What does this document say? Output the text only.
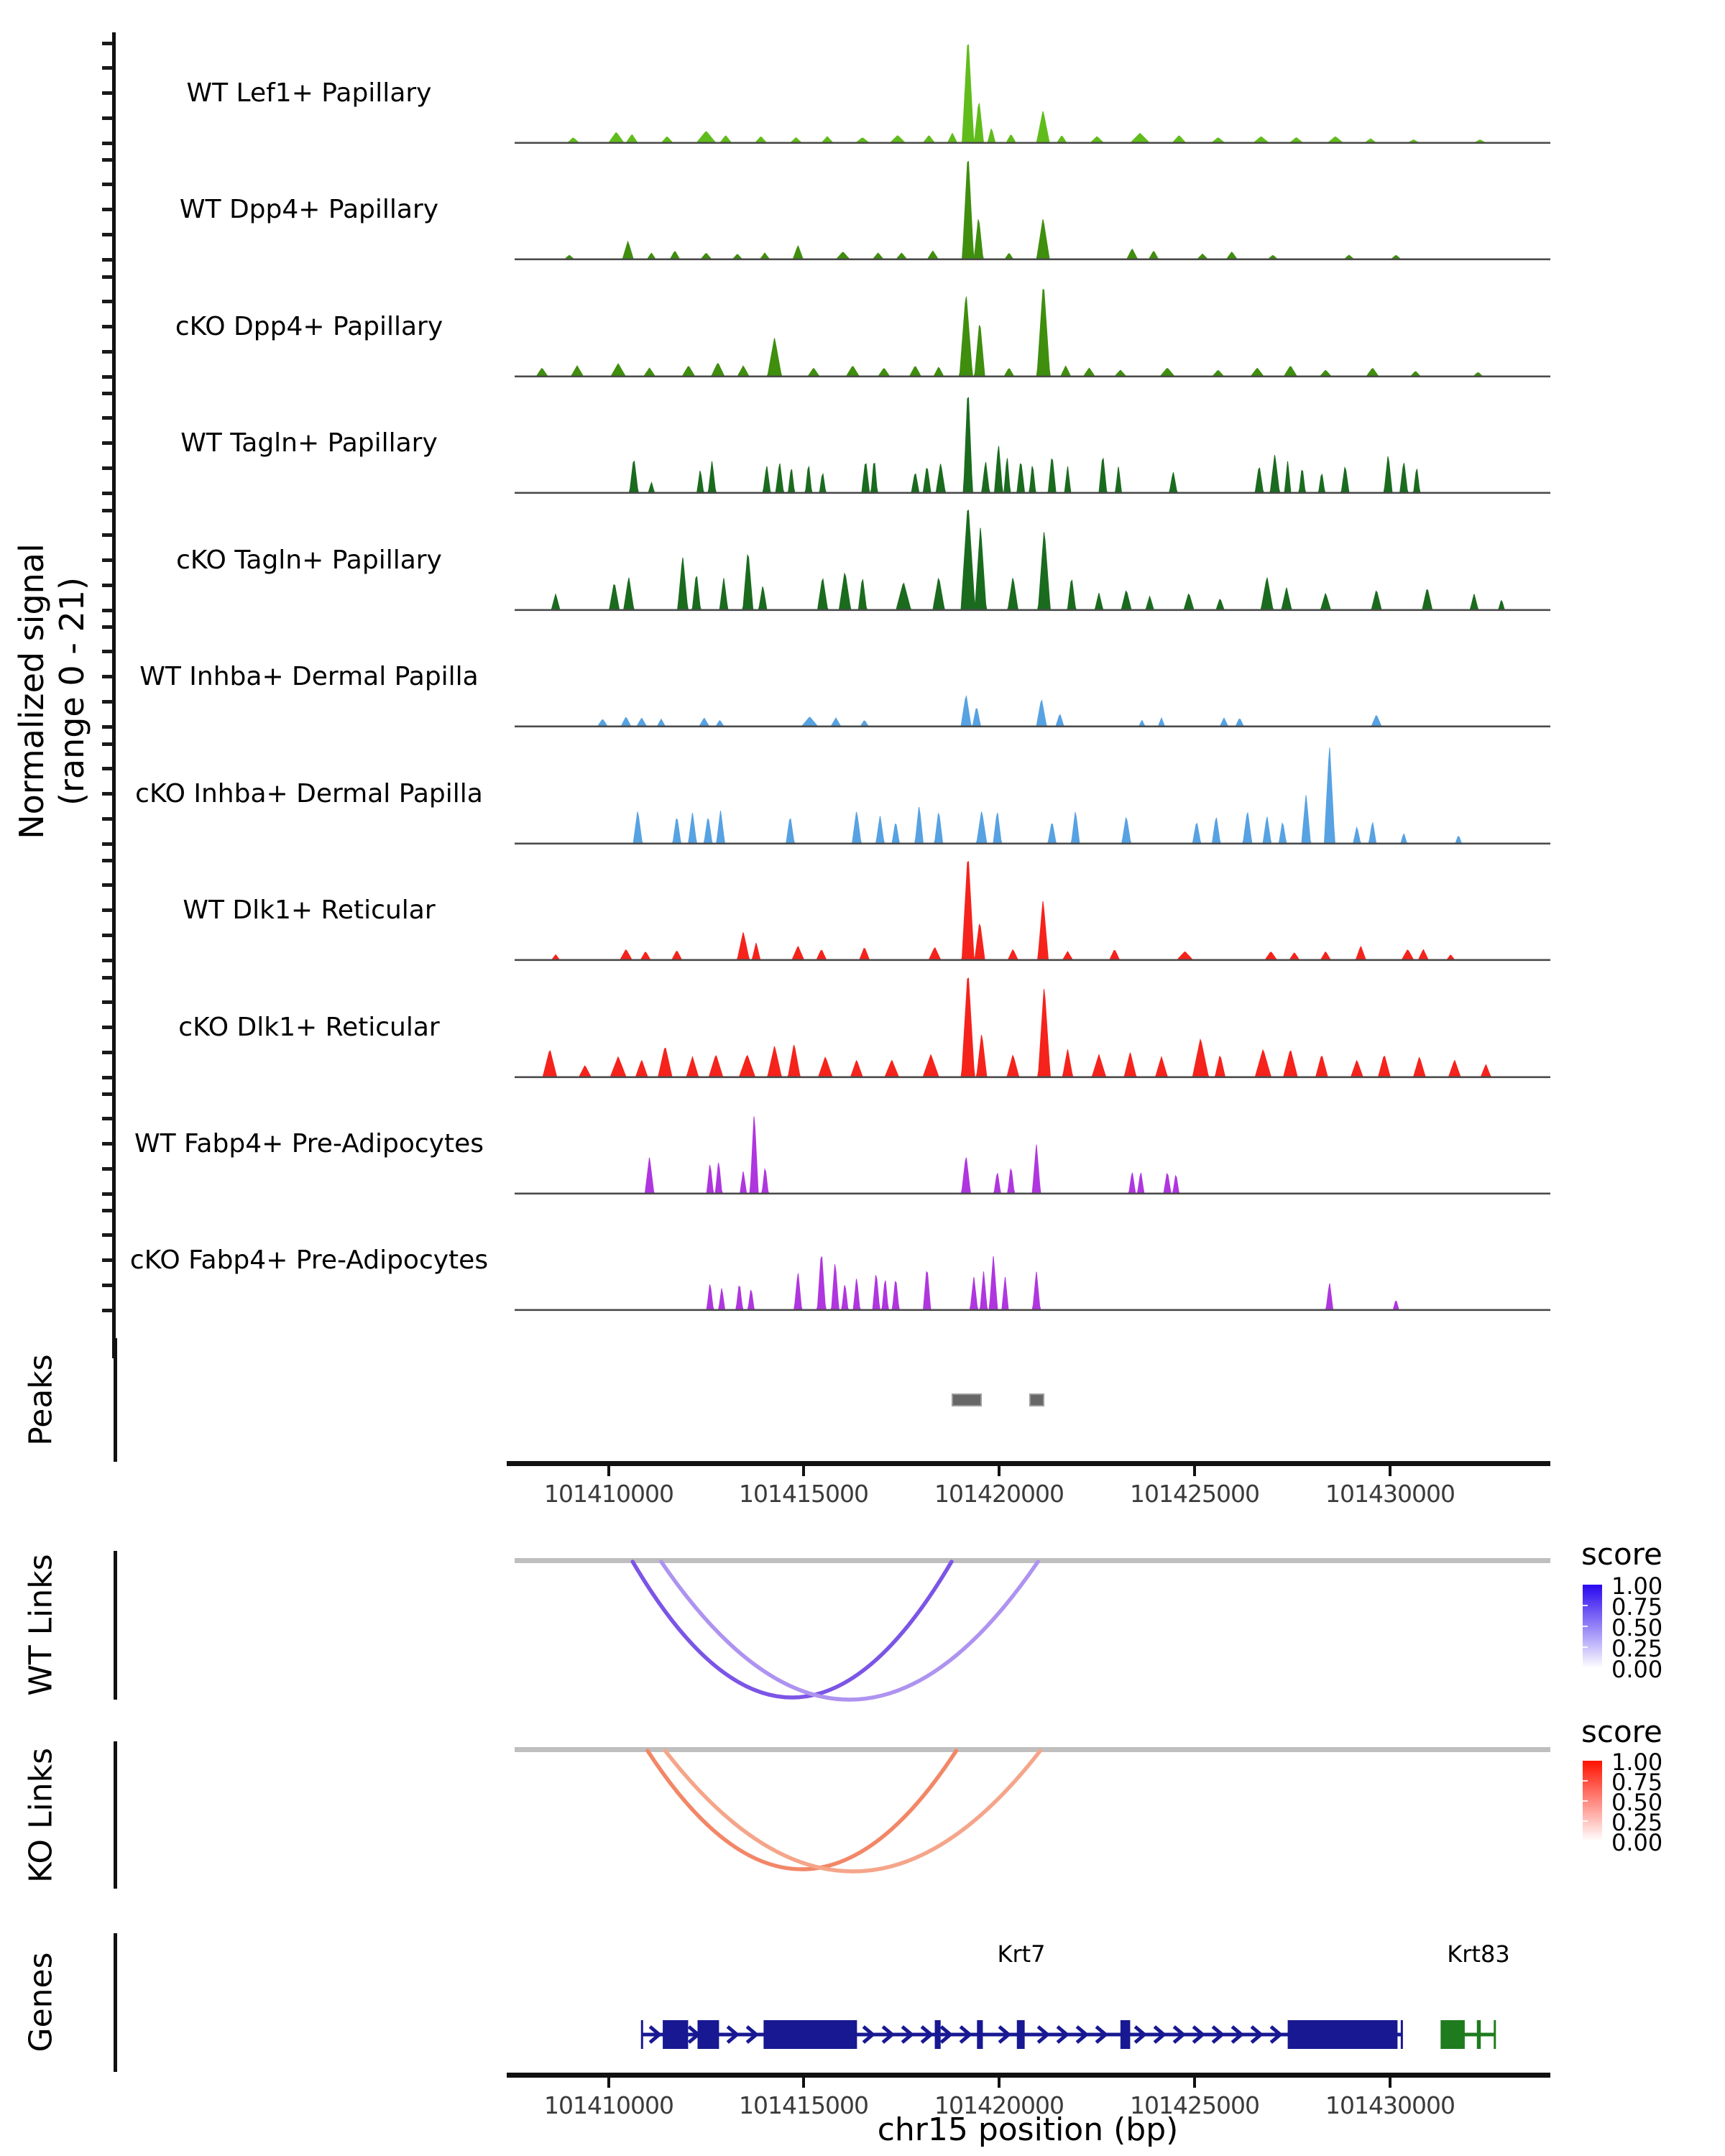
Normalized signal (range 0 - 21)
WT Lef1+ Papillary
WT Dpp4+ Papillary
cKO Dpp4+ Papillary
WT Tagln+ Papillary
cKO Tagln+ Papillary
WT Inhba+ Dermal Papilla
cKO Inhba+ Dermal Papilla
WT Dlk1+ Reticular
cKO Dlk1+ Reticular
WT Fabp4+ Pre-Adipocytes
cKO Fabp4+ Pre-Adipocytes
Peaks
101410000	101415000	101420000	101425000	101430000
WT Links	score
1.00
0.75
0.50
0.25
0.00
KO Links
score
1.00
0.75
0.50
0.25
0.00
Genes	Krt7	Krt83
101410000	101415000	101420000	101425000	101430000
chr15 position (bp)
